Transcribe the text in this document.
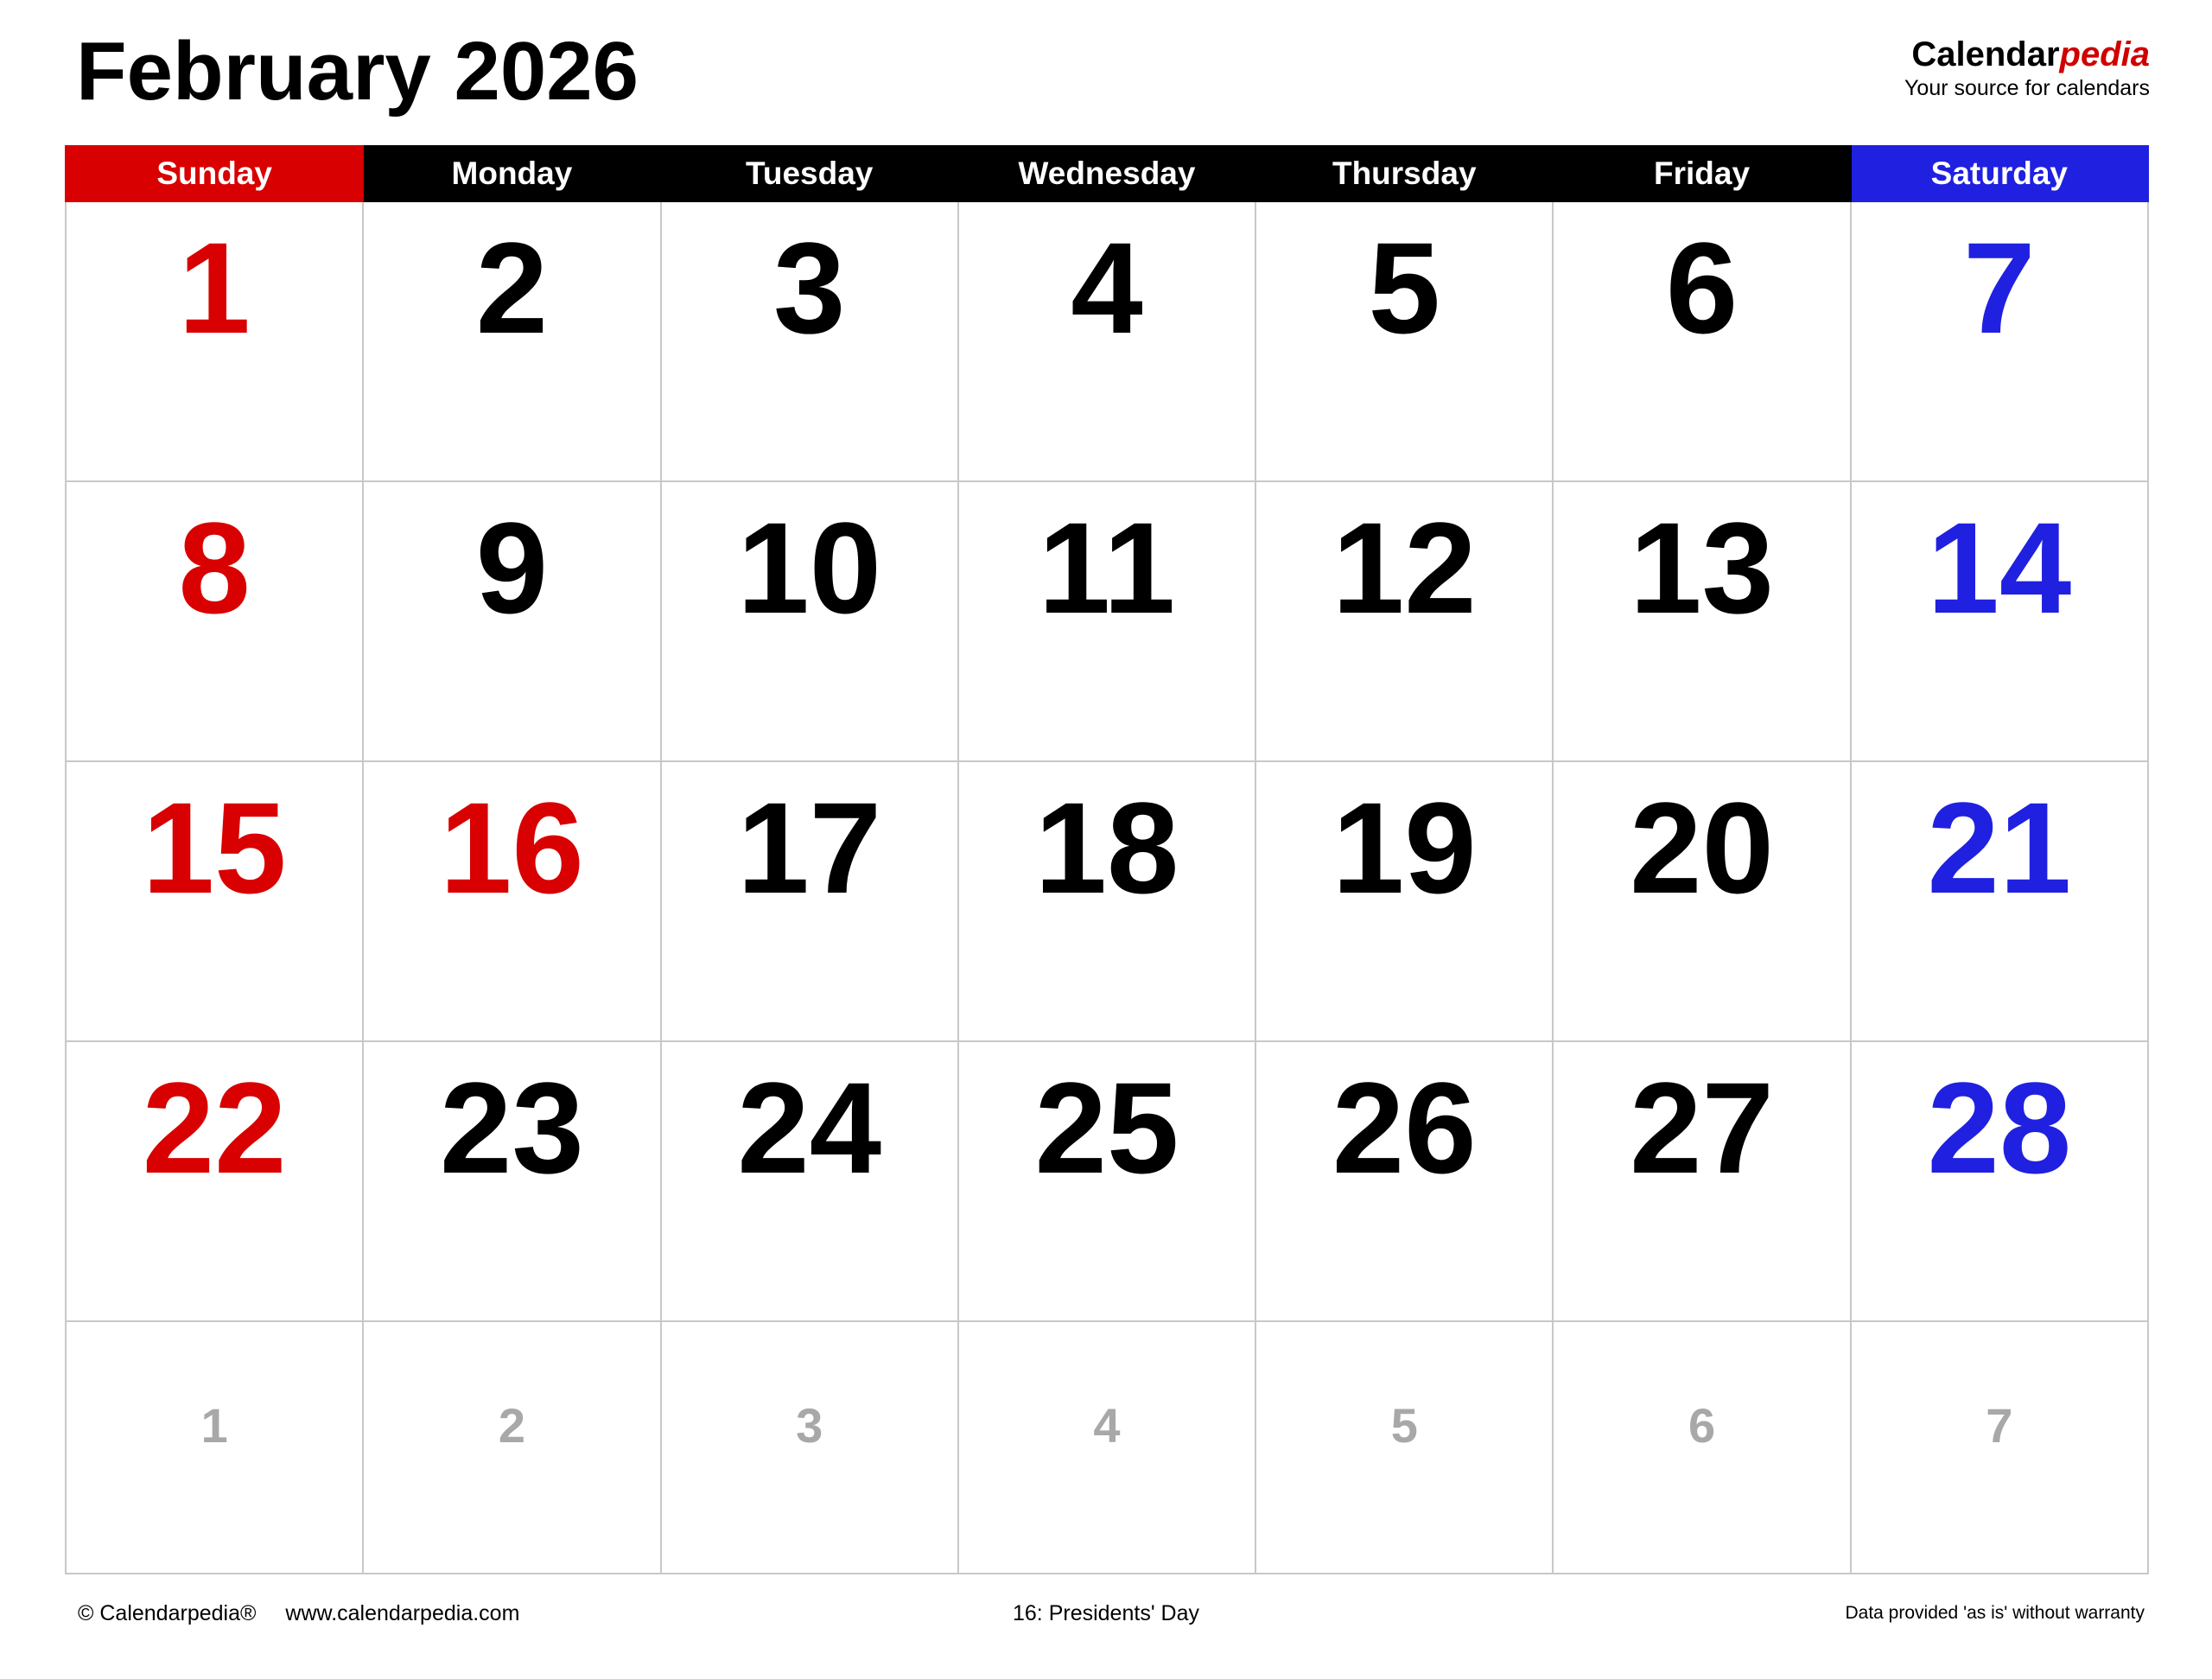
February 2026	Calendarpedia
Your source for calendars
Sunday	Monday	Tuesday	Wednesday	Thursday	Friday	Saturday

1	2	3	4	5	6	7

8	9	10	11	12	13	14

15	16	17	18	19	20	21

22	23	24	25	26	27	28

1	2	3	4	5	6	7
© Calendarpedia® www.calendarpedia.com	16: Presidents' Day	Data provided 'as is' without warranty
